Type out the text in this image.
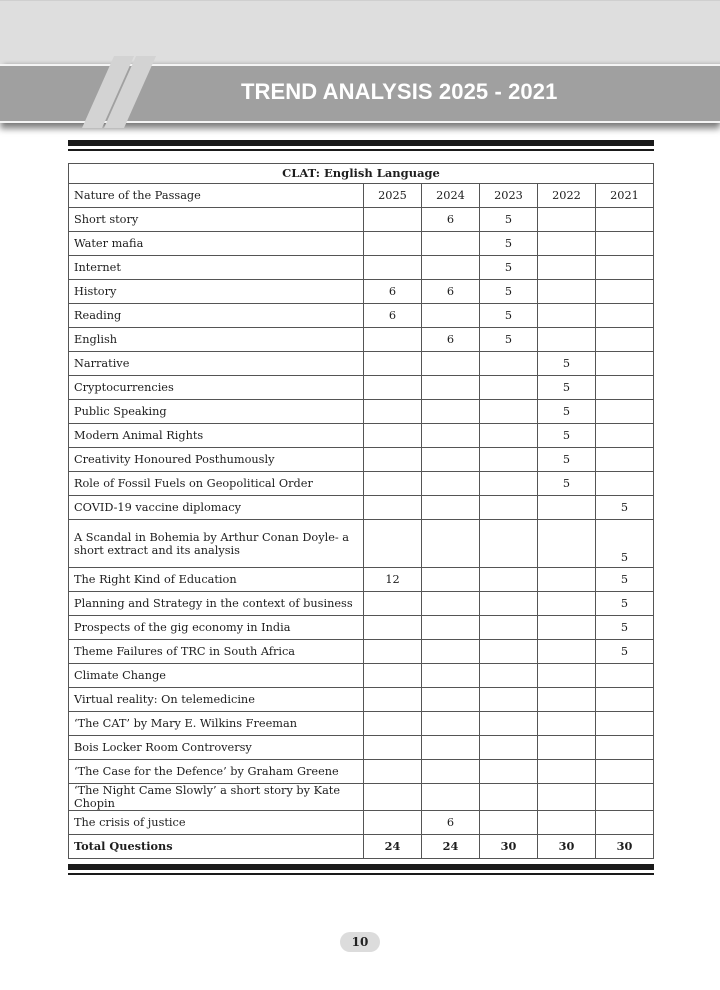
TREND ANALYSIS 2025 - 2021
CLAT: English Language					
Nature of the Passage	2025	2024	2023	2022	2021
Short story		6	5		
Water mafia			5		
Internet			5		
History	6	6	5		
Reading	6		5		
English		6	5		
Narrative				5	
Cryptocurrencies				5	
Public Speaking				5	
Modern Animal Rights				5	
Creativity Honoured Posthumously				5	
Role of Fossil Fuels on Geopolitical Order				5	
COVID-19 vaccine diplomacy					5
A Scandal in Bohemia by Arthur Conan Doyle- a short extract and its analysis					5
The Right Kind of Education	12				5
Planning and Strategy in the context of business					5
Prospects of the gig economy in India					5
Theme Failures of TRC in South Africa					5
Climate Change					
Virtual reality: On telemedicine					
‘The CAT’ by Mary E. Wilkins Freeman					
Bois Locker Room Controversy					
‘The Case for the Defence’ by Graham Greene					
‘The Night Came Slowly’ a short story by Kate Chopin					
The crisis of justice		6			
Total Questions	24	24	30	30	30
10
